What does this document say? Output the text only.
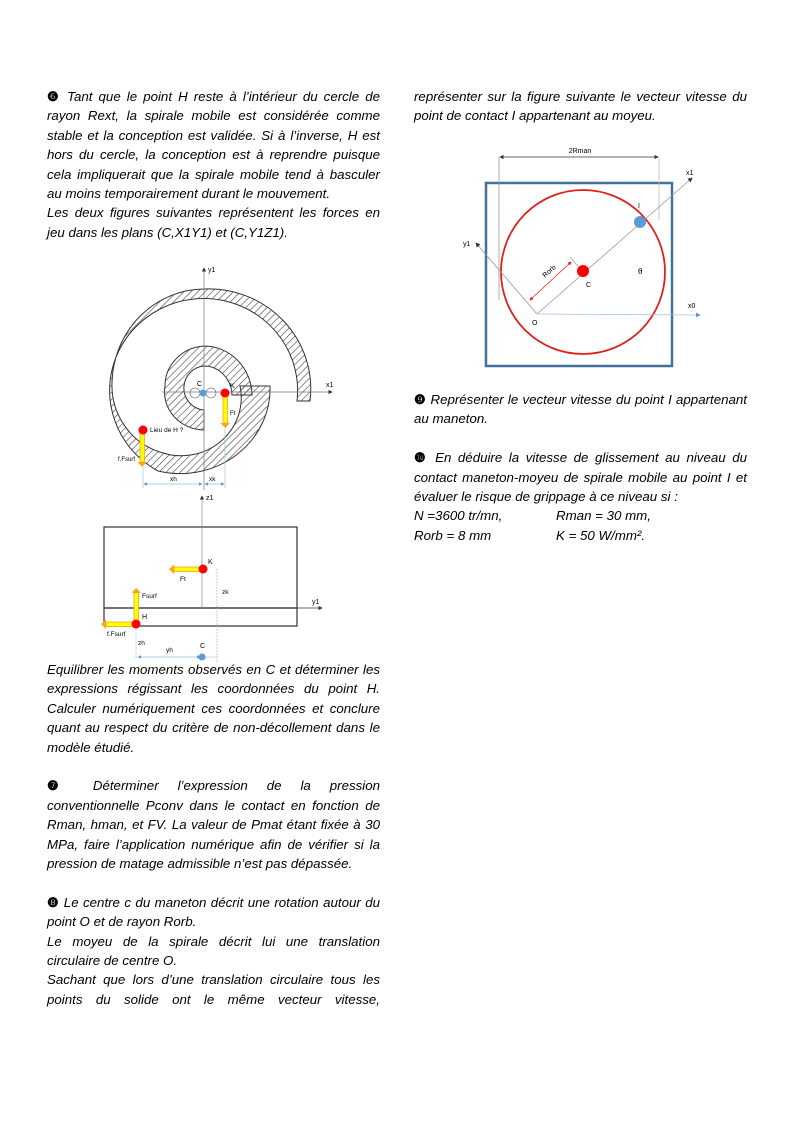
❻ Tant que le point H reste à l’intérieur du cercle de rayon Rext, la spirale mobile est considérée comme stable et la conception est validée. Si à l’inverse, H est hors du cercle, la conception est à reprendre puisque cela impliquerait que la spirale mobile tend à basculer au moins temporairement durant le mouvement.

Les deux figures suivantes représentent les forces en jeu dans les plans (C,X1Y1) et (C,Y1Z1).

y1
x1
C	K
Ft
Lieu de H ?
f.Fsurf
xh	xk
z1
y1
K
Ft
zk
Fsurf
H
f.Fsurf
zh
yh
C

Equilibrer les moments observés en C et déterminer les expressions régissant les coordonnées du point H. Calculer numériquement ces coordonnées et conclure quant au respect du critère de non-décollement dans le modèle étudié.

❼ Déterminer l’expression de la pression conventionnelle Pconv dans le contact en fonction de Rman, hman, et FV. La valeur de Pmat étant fixée à 30 MPa, faire l’application numérique afin de vérifier si la pression de matage admissible n’est pas dépassée.

❽ Le centre c du maneton décrit une rotation autour du point O et de rayon Rorb.

Le moyeu de la spirale décrit lui une translation circulaire de centre O.

Sachant que lors d’une translation circulaire tous les points du solide ont le même vecteur vitesse,

représenter sur la figure suivante le vecteur vitesse du point de contact I appartenant au moyeu.

2Rman
x1
y1
x0
Rorb
C
I
O
θ

❾ Représenter le vecteur vitesse du point I appartenant au maneton.

❿ En déduire la vitesse de glissement au niveau du contact maneton-moyeu de spirale mobile au point I et évaluer le risque de grippage à ce niveau si :

N =3600 tr/mn,	Rman = 30 mm,
Rorb = 8 mm	K = 50 W/mm².
